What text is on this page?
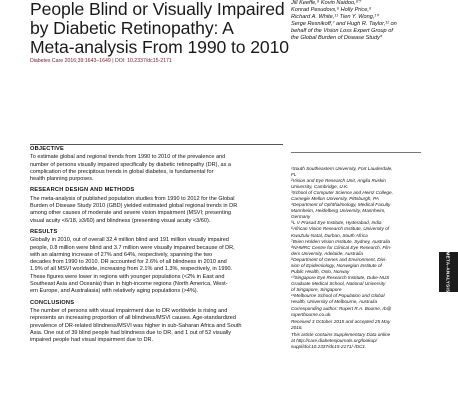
People Blind or Visually Impaired
by Diabetic Retinopathy: A
Meta-analysis From 1990 to 2010
Diabetes Care 2016;39:1643–1649 | DOI: 10.2337/dc15-2171
OBJECTIVE
To estimate global and regional trends from 1990 to 2010 of the prevalence and
number of persons visually impaired specifically by diabetic retinopathy (DR), as a
complication of the precipitous trends in global diabetes, is fundamental for
health planning purposes.
RESEARCH DESIGN AND METHODS
The meta-analysis of published population studies from 1990 to 2012 for the Global
Burden of Disease Study 2010 (GBD) yielded estimated global regional trends in DR
among other causes of moderate and severe vision impairment (MSVI; presenting
visual acuity <6/18, ≥3/60) and blindness (presenting visual acuity <3/60).
RESULTS
Globally in 2010, out of overall 32.4 million blind and 191 million visually impaired
people, 0.8 million were blind and 3.7 million were visually impaired because of DR,
with an alarming increase of 27% and 64%, respectively, spanning the two
decades from 1990 to 2010. DR accounted for 2.6% of all blindness in 2010 and
1.9% of all MSVI worldwide, increasing from 2.1% and 1.3%, respectively, in 1990.
These figures were lower in regions with younger populations (<2% in East and
Southeast Asia and Oceania) than in high-income regions (North America, West-
ern Europe, and Australasia) with relatively aging populations (>4%).
CONCLUSIONS
The number of persons with visual impairment due to DR worldwide is rising and
represents an increasing proportion of all blindness/MSVI causes. Age-standardized
prevalence of DR-related blindness/MSVI was higher in sub-Saharan Africa and South
Asia. One out of 39 blind people had blindness due to DR, and 1 out of 52 visually
impaired people had visual impairment due to DR.
Jill Keeffe,⁹ Kovin Naidoo,⁶ʼ⁷
Konrad Pesudovs,⁶ Holly Price,⁶
Richard A. White,¹¹ Tien Y. Wong,¹⁰
Serge Resnikoff,⁷ and Hugh R. Taylor,¹² on
behalf of the Vision Loss Expert Group of
the Global Burden of Disease Study*
¹South Southeastern University, Fort Lauderdale,
FL
²Vision and Eye Research Unit, Anglia Ruskin
University, Cambridge, U.K.
³School of Computer Science and Heinz College,
Carnegie Mellon University, Pittsburgh, PA
⁴Department of Ophthalmology, Medical Faculty
Mannheim, Heidelberg University, Mannheim,
Germany
⁵L V Prasad Eye Institute, Hyderabad, India
⁶African Vision Research Institute, University of
KwaZulu-Natal, Durban, South Africa
⁷Brien Holden Vision Institute, Sydney, Australia
⁸NHMRC Centre for Clinical Eye Research, Flin-
ders University, Adelaide, Australia
⁹Department of Genes and Environment, Divi-
sion of Epidemiology, Norwegian Institute of
Public Health, Oslo, Norway
¹⁰Singapore Eye Research Institute, Duke-NUS
Graduate Medical School, National University
of Singapore, Singapore
¹¹Melbourne School of Population and Global
Health, University of Melbourne, Australia
Corresponding author: Rupert R.A. Bourne, rb@
rupertbourne.co.uk.
Received 3 October 2015 and accepted 25 May
2016.
This article contains Supplementary Data online
at http://care.diabetesjournals.org/lookup/
suppl/doi:10.2337/dc15-2171/-/DC1.
META-ANALYSIS
